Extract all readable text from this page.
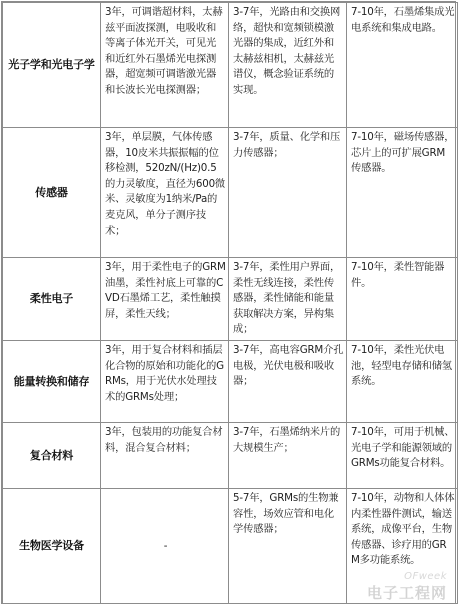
光子学和光电子学	3年，可调谐超材料，太赫兹平面波探测，电吸收和等离子体光开关，可见光和近红外石墨烯光电探测器，超宽频可调谐激光器和长波长光电探测器；	3-7年，光路由和交换网络，超快和宽频锁模激光器的集成，近红外和太赫兹相机，太赫兹光谱仪，概念验证系统的实现。	7-10年，石墨烯集成光电系统和集成电路。
传感器	3年，单层膜，气体传感器，10皮米共振振幅的位移检测，520zN/(Hz)0.5的力灵敏度，直径为600微米、灵敏度为1纳米/Pa的麦克风，单分子测序技术；	3-7年，质量、化学和压力传感器；	7-10年，磁场传感器，芯片上的可扩展GRM传感器。
柔性电子	3年，用于柔性电子的GRM油墨，柔性衬底上可靠的CVD石墨烯工艺，柔性触摸屏，柔性天线；	3-7年，柔性用户界面，柔性无线连接，柔性传感器，柔性储能和能量获取解决方案，异构集成；	7-10年，柔性智能器件。
能量转换和储存	3年，用于复合材料和插层化合物的原始和功能化的GRMs，用于光伏水处理技术的GRMs处理；	3-7年，高电容GRM介孔电极，光伏电极和吸收器；	7-10年，柔性光伏电池，轻型电存储和储氢系统。
复合材料	3年，包装用的功能复合材料，混合复合材料；	3-7年，石墨烯纳米片的大规模生产；	7-10年，可用于机械、光电子学和能源领域的GRMs功能复合材料。
生物医学设备	-	5-7年，GRMs的生物兼容性，场效应管和电化学传感器；	7-10年，动物和人体体内柔性器件测试，输送系统，成像平台，生物传感器、诊疗用的GRM多功能系统。
OFweek
电子工程网
